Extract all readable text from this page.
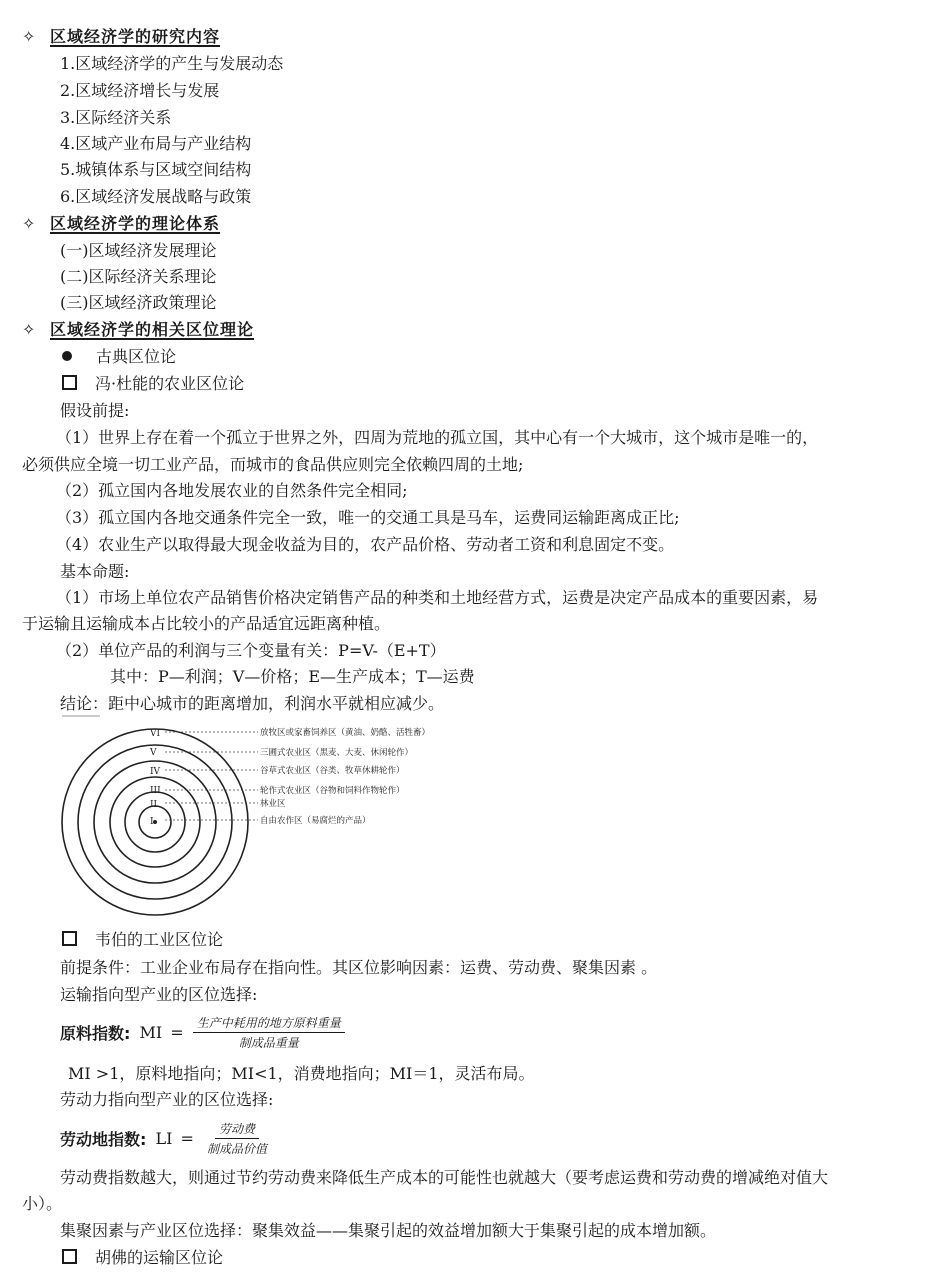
✧ 区域经济学的研究内容
1.区域经济学的产生与发展动态
2.区域经济增长与发展
3.区际经济关系
4.区域产业布局与产业结构
5.城镇体系与区域空间结构
6.区域经济发展战略与政策
✧ 区域经济学的理论体系
(一)区域经济发展理论
(二)区际经济关系理论
(三)区域经济政策理论
✧ 区域经济学的相关区位理论
古典区位论
冯·杜能的农业区位论
假设前提:
（1）世界上存在着一个孤立于世界之外，四周为荒地的孤立国，其中心有一个大城市，这个城市是唯一的，
必须供应全境一切工业产品，而城市的食品供应则完全依赖四周的土地;
（2）孤立国内各地发展农业的自然条件完全相同;
（3）孤立国内各地交通条件完全一致，唯一的交通工具是马车，运费同运输距离成正比;
（4）农业生产以取得最大现金收益为目的，农产品价格、劳动者工资和利息固定不变。
基本命题:
（1）市场上单位农产品销售价格决定销售产品的种类和土地经营方式，运费是决定产品成本的重要因素，易
于运输且运输成本占比较小的产品适宜远距离种植。
（2）单位产品的利润与三个变量有关：P=V-（E+T）
其中：P—利润；V—价格；E—生产成本；T—运费
结论：距中心城市的距离增加，利润水平就相应减少。
VI
V
IV
III
II
I
放牧区或家畜饲养区（黄油、奶酪、活牲畜）
三圃式农业区（黑麦、大麦、休闲轮作）
谷草式农业区（谷类、牧草休耕轮作）
轮作式农业区（谷物和饲料作物轮作）
林业区
自由农作区（易腐烂的产品）
韦伯的工业区位论
前提条件：工业企业布局存在指向性。其区位影响因素：运费、劳动费、聚集因素 。
运输指向型产业的区位选择:
原料指数: MI = $\frac{\text{生产中耗用的地方原料重量}}{\text{制成品重量}}$
MI >1，原料地指向；MI<1，消费地指向；MI＝1，灵活布局。
劳动力指向型产业的区位选择:
劳动地指数: LI = $\frac{\text{劳动费}}{\text{制成品价值}}$
劳动费指数越大，则通过节约劳动费来降低生产成本的可能性也就越大（要考虑运费和劳动费的增减绝对值大
小）。
集聚因素与产业区位选择：聚集效益——集聚引起的效益增加额大于集聚引起的成本增加额。
胡佛的运输区位论
